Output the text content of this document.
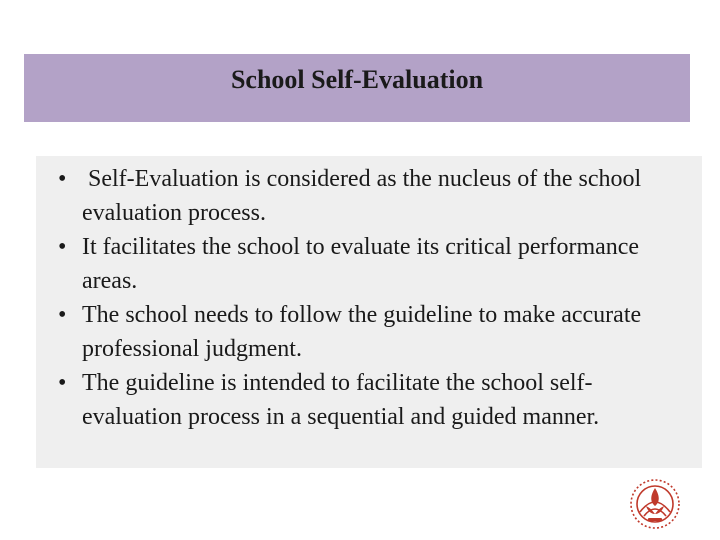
School Self-Evaluation
• Self-Evaluation is considered as the nucleus of the school evaluation process.
• It facilitates the school to evaluate its critical performance areas.
• The school needs to follow the guideline to make accurate professional judgment.
• The guideline is intended to facilitate the school self-evaluation process in a sequential and guided manner.
